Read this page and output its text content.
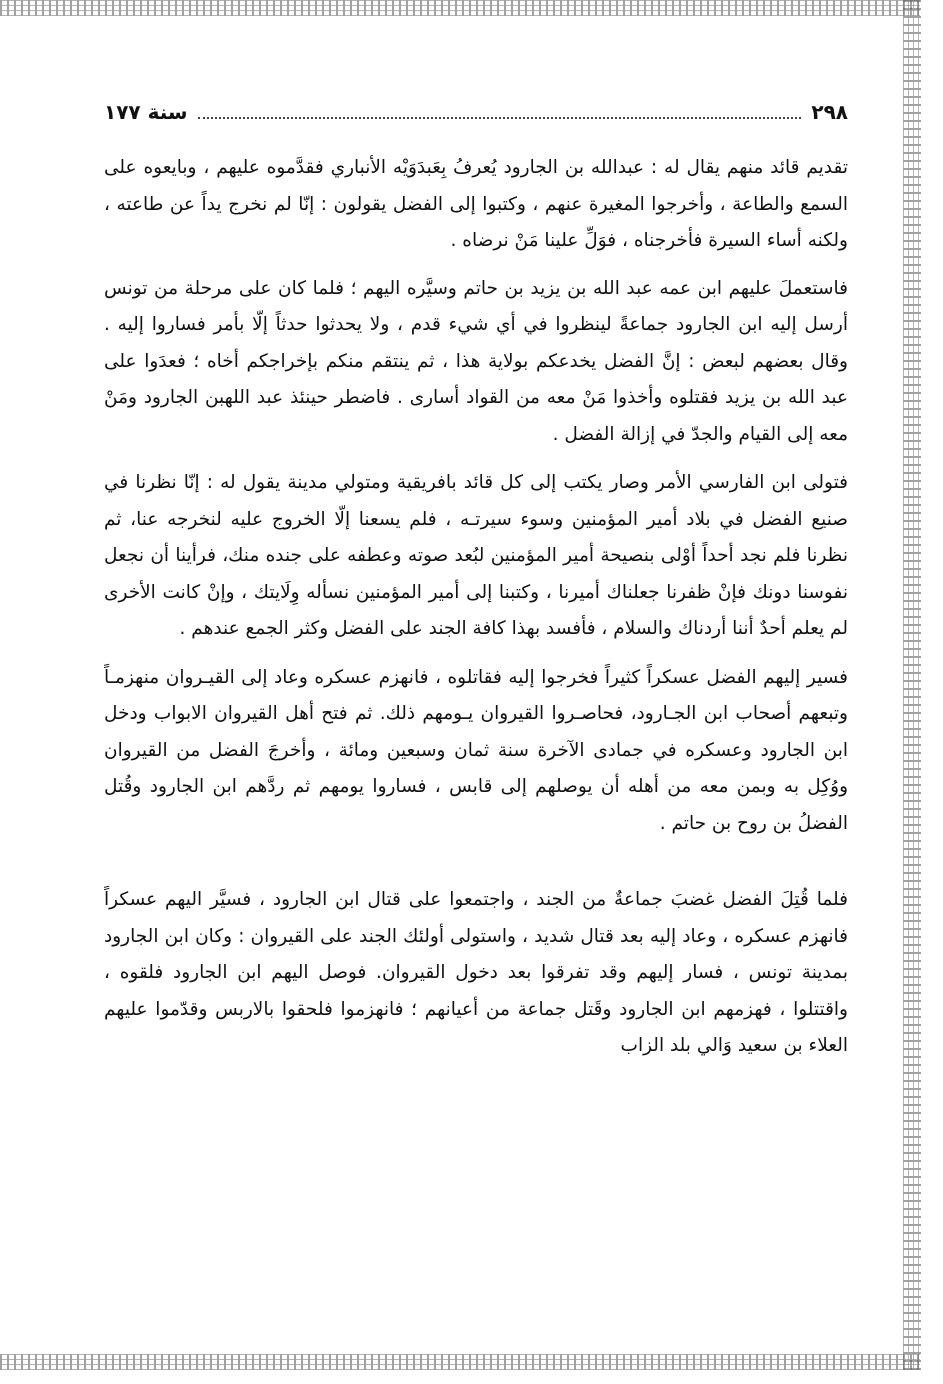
٢٩٨
سنة ١٧٧

تقديم قائد منهم يقال له : عبدالله بن الجارود يُعرفُ بِعَبدَوَيْه الأنباري فقدَّموه عليهم ، وبايعوه على السمع والطاعة ، وأخرجوا المغيرة عنهم ، وكتبوا إلى الفضل يقولون : إنّا لم نخرج يداً عن طاعته ، ولكنه أساء السيرة فأخرجناه ، فوَلِّ علينا مَنْ نرضاه .

فاستعملَ عليهم ابن عمه عبد الله بن يزيد بن حاتم وسيَّره اليهم ؛ فلما كان على مرحلة من تونس أرسل إليه ابن الجارود جماعةً لينظروا في أي شيء قدم ، ولا يحدثوا حدثاً إلّا بأمر فساروا إليه . وقال بعضهم لبعض : إنَّ الفضل يخدعكم بولاية هذا ، ثم ينتقم منكم بإخراجكم أخاه ؛ فعدَوا على عبد الله بن يزيد فقتلوه وأخذوا مَنْ معه من القواد أسارى . فاضطر حينئذ عبد اللهبن الجارود ومَنْ معه إلى القيام والجدّ في إزالة الفضل .

فتولى ابن الفارسي الأمر وصار يكتب إلى كل قائد بافريقية ومتولي مدينة يقول له : إنّا نظرنا في صنيع الفضل في بلاد أمير المؤمنين وسوء سيرتـه ، فلم يسعنا إلّا الخروج عليه لنخرجه عنا، ثم نظرنا فلم نجد أحداً أوْلى بنصيحة أمير المؤمنين لبُعد صوته وعطفه على جنده منك، فرأينا أن نجعل نفوسنا دونك فإنْ ظفرنا جعلناك أميرنا ، وكتبنا إلى أمير المؤمنين نسأله وِلَايتك ، وإنْ كانت الأخرى لم يعلم أحدٌ أننا أردناك والسلام ، فأفسد بهذا كافة الجند على الفضل وكثر الجمع عندهم .

فسير إليهم الفضل عسكراً كثيراً فخرجوا إليه فقاتلوه ، فانهزم عسكره وعاد إلى القيـروان منهزمـاً وتبعهم أصحاب ابن الجـارود، فحاصـروا القيروان يـومهم ذلك. ثم فتح أهل القيروان الابواب ودخل ابن الجارود وعسكره في جمادى الآخرة سنة ثمان وسبعين ومائة ، وأخرجَ الفضل من القيروان ووُكِل به وبمن معه من أهله أن يوصلهم إلى قابس ، فساروا يومهم ثم ردَّهم ابن الجارود وقُتل الفضلُ بن روح بن حاتم .

فلما قُتِلَ الفضل غضبَ جماعةٌ من الجند ، واجتمعوا على قتال ابن الجارود ، فسيَّر اليهم عسكراً فانهزم عسكره ، وعاد إليه بعد قتال شديد ، واستولى أولئك الجند على القيروان : وكان ابن الجارود بمدينة تونس ، فسار إليهم وقد تفرقوا بعد دخول القيروان. فوصل اليهم ابن الجارود فلقوه ، واقتتلوا ، فهزمهم ابن الجارود وقَتل جماعة من أعيانهم ؛ فانهزموا فلحقوا بالاربس وقدّموا عليهم العلاء بن سعيد وَالي بلد الزاب
